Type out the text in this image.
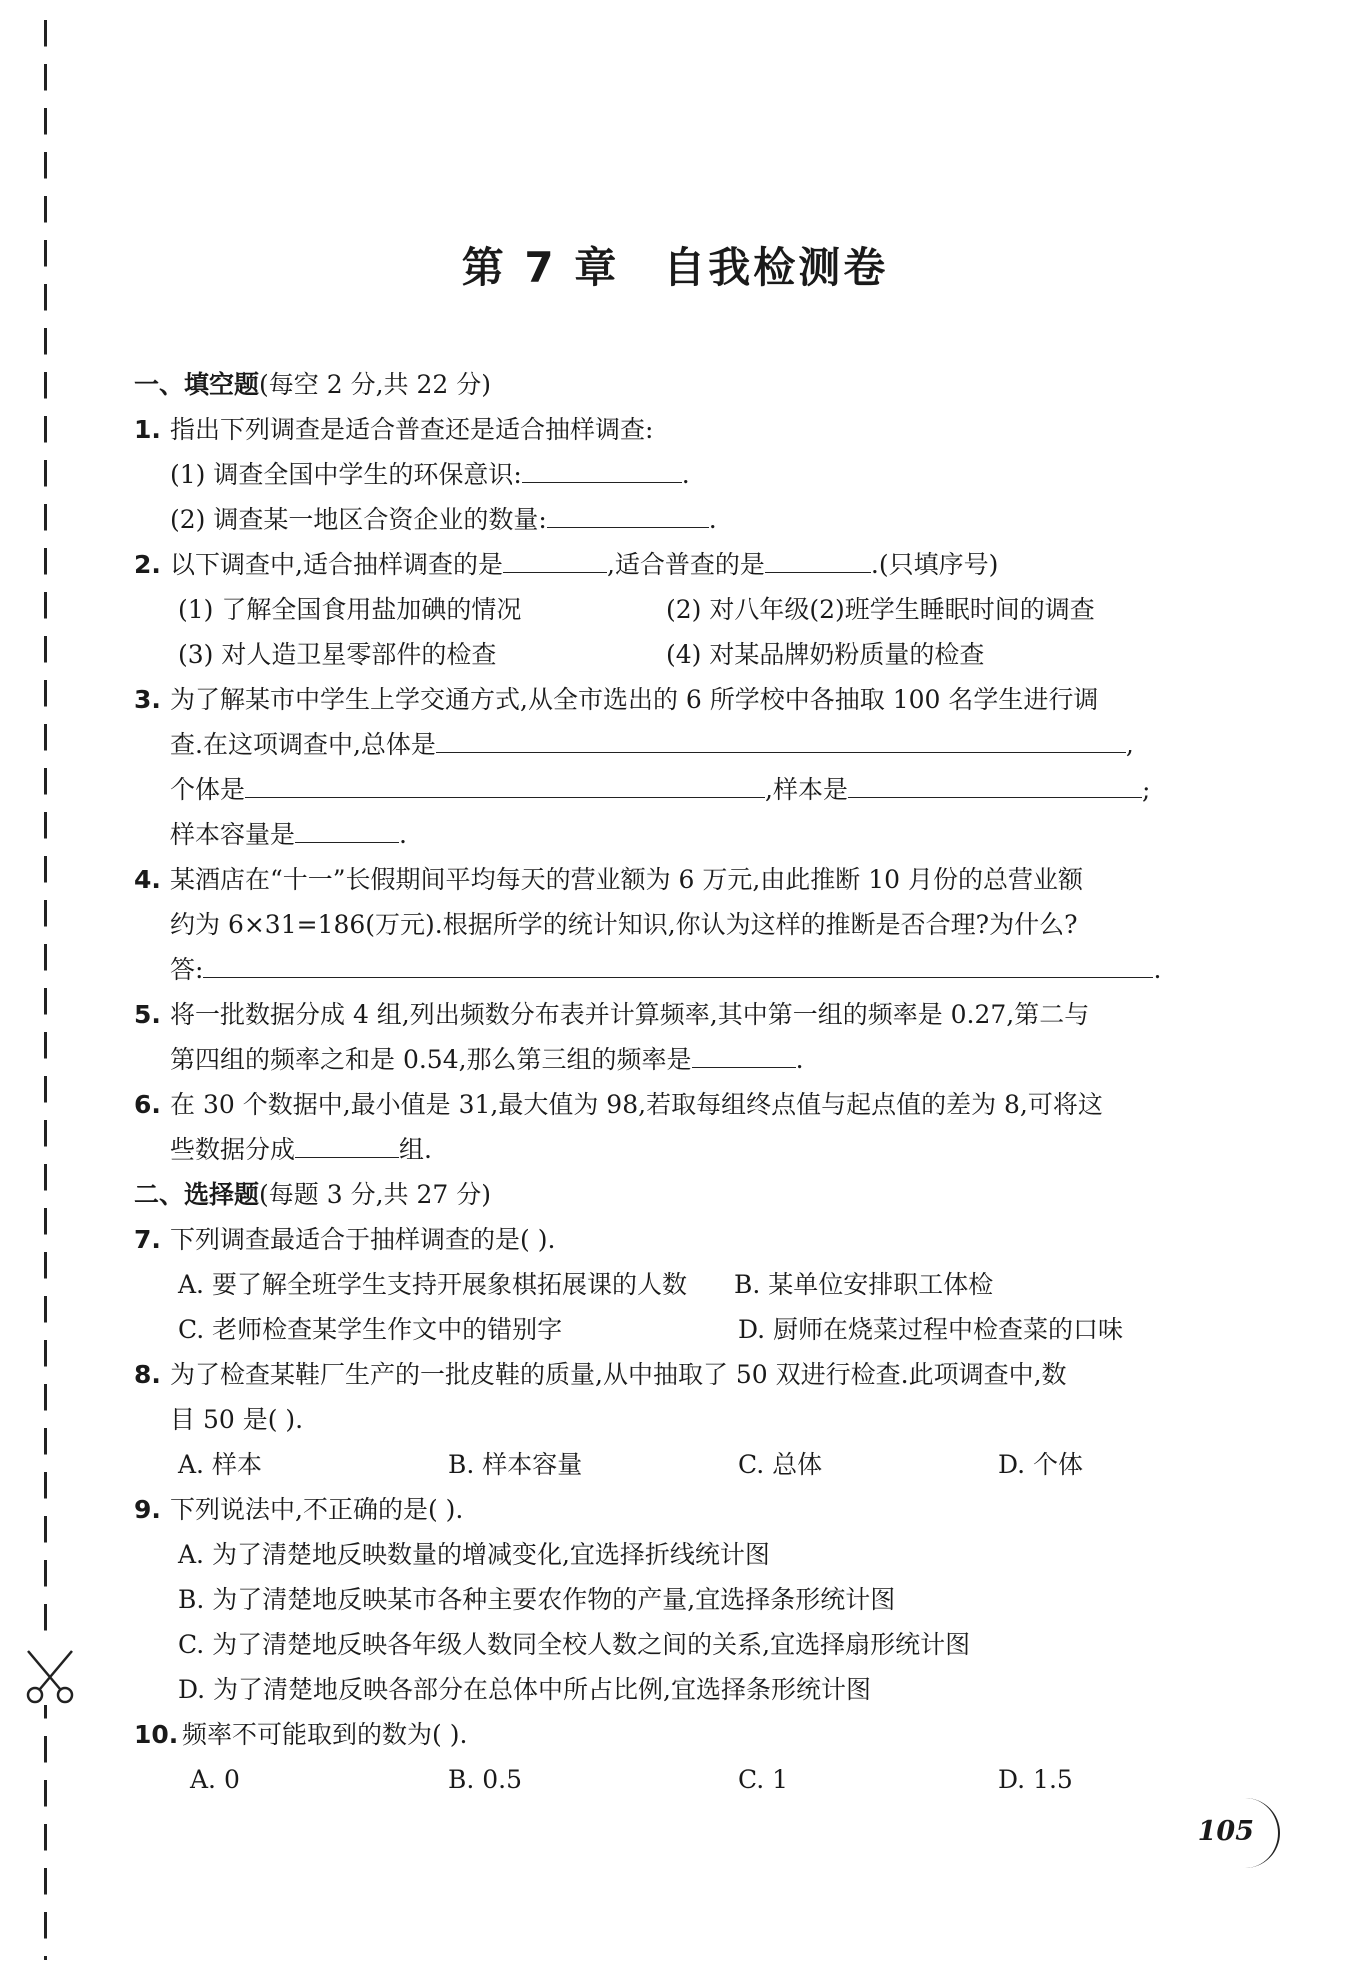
第 7 章 自我检测卷
一、填空题(每空 2 分,共 22 分)
1. 指出下列调查是适合普查还是适合抽样调查:
(1) 调查全国中学生的环保意识:	.
(2) 调查某一地区合资企业的数量:	.
2. 以下调查中,适合抽样调查的是	,适合普查的是	.(只填序号)
(1) 了解全国食用盐加碘的情况	(2) 对八年级(2)班学生睡眠时间的调查
(3) 对人造卫星零部件的检查	(4) 对某品牌奶粉质量的检查
3. 为了解某市中学生上学交通方式,从全市选出的 6 所学校中各抽取 100 名学生进行调
查.在这项调查中,总体是	,
个体是	,样本是	;
样本容量是	.
4. 某酒店在“十一”长假期间平均每天的营业额为 6 万元,由此推断 10 月份的总营业额
约为 6×31=186(万元).根据所学的统计知识,你认为这样的推断是否合理?为什么?
答:	.
5. 将一批数据分成 4 组,列出频数分布表并计算频率,其中第一组的频率是 0.27,第二与
第四组的频率之和是 0.54,那么第三组的频率是	.
6. 在 30 个数据中,最小值是 31,最大值为 98,若取每组终点值与起点值的差为 8,可将这
些数据分成	组.
二、选择题(每题 3 分,共 27 分)
7. 下列调查最适合于抽样调查的是( ).
A. 要了解全班学生支持开展象棋拓展课的人数 B. 某单位安排职工体检
C. 老师检查某学生作文中的错别字	D. 厨师在烧菜过程中检查菜的口味
8. 为了检查某鞋厂生产的一批皮鞋的质量,从中抽取了 50 双进行检查.此项调查中,数
目 50 是( ).
A. 样本	B. 样本容量	C. 总体	D. 个体
9. 下列说法中,不正确的是( ).
A. 为了清楚地反映数量的增减变化,宜选择折线统计图
B. 为了清楚地反映某市各种主要农作物的产量,宜选择条形统计图
C. 为了清楚地反映各年级人数同全校人数之间的关系,宜选择扇形统计图
D. 为了清楚地反映各部分在总体中所占比例,宜选择条形统计图
10. 频率不可能取到的数为( ).
A. 0	B. 0.5	C. 1	D. 1.5
105
